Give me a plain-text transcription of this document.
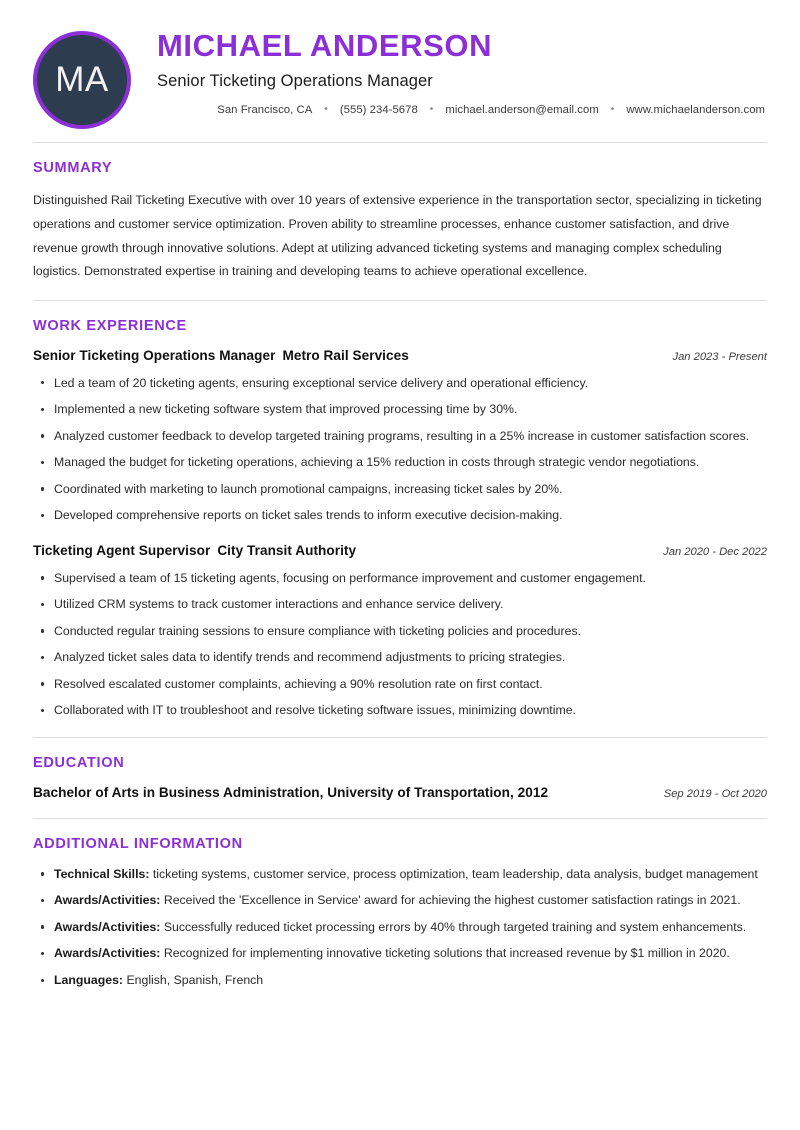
MA
MICHAEL ANDERSON
Senior Ticketing Operations Manager
San Francisco, CA • (555) 234-5678 • michael.anderson@email.com • www.michaelanderson.com
SUMMARY
Distinguished Rail Ticketing Executive with over 10 years of extensive experience in the transportation sector, specializing in ticketing operations and customer service optimization. Proven ability to streamline processes, enhance customer satisfaction, and drive revenue growth through innovative solutions. Adept at utilizing advanced ticketing systems and managing complex scheduling logistics. Demonstrated expertise in training and developing teams to achieve operational excellence.
WORK EXPERIENCE
Senior Ticketing Operations Manager Metro Rail Services	Jan 2023 - Present
Led a team of 20 ticketing agents, ensuring exceptional service delivery and operational efficiency.
Implemented a new ticketing software system that improved processing time by 30%.
Analyzed customer feedback to develop targeted training programs, resulting in a 25% increase in customer satisfaction scores.
Managed the budget for ticketing operations, achieving a 15% reduction in costs through strategic vendor negotiations.
Coordinated with marketing to launch promotional campaigns, increasing ticket sales by 20%.
Developed comprehensive reports on ticket sales trends to inform executive decision-making.
Ticketing Agent Supervisor City Transit Authority	Jan 2020 - Dec 2022
Supervised a team of 15 ticketing agents, focusing on performance improvement and customer engagement.
Utilized CRM systems to track customer interactions and enhance service delivery.
Conducted regular training sessions to ensure compliance with ticketing policies and procedures.
Analyzed ticket sales data to identify trends and recommend adjustments to pricing strategies.
Resolved escalated customer complaints, achieving a 90% resolution rate on first contact.
Collaborated with IT to troubleshoot and resolve ticketing software issues, minimizing downtime.
EDUCATION
Bachelor of Arts in Business Administration, University of Transportation, 2012	Sep 2019 - Oct 2020
ADDITIONAL INFORMATION
Technical Skills: ticketing systems, customer service, process optimization, team leadership, data analysis, budget management
Awards/Activities: Received the 'Excellence in Service' award for achieving the highest customer satisfaction ratings in 2021.
Awards/Activities: Successfully reduced ticket processing errors by 40% through targeted training and system enhancements.
Awards/Activities: Recognized for implementing innovative ticketing solutions that increased revenue by $1 million in 2020.
Languages: English, Spanish, French
